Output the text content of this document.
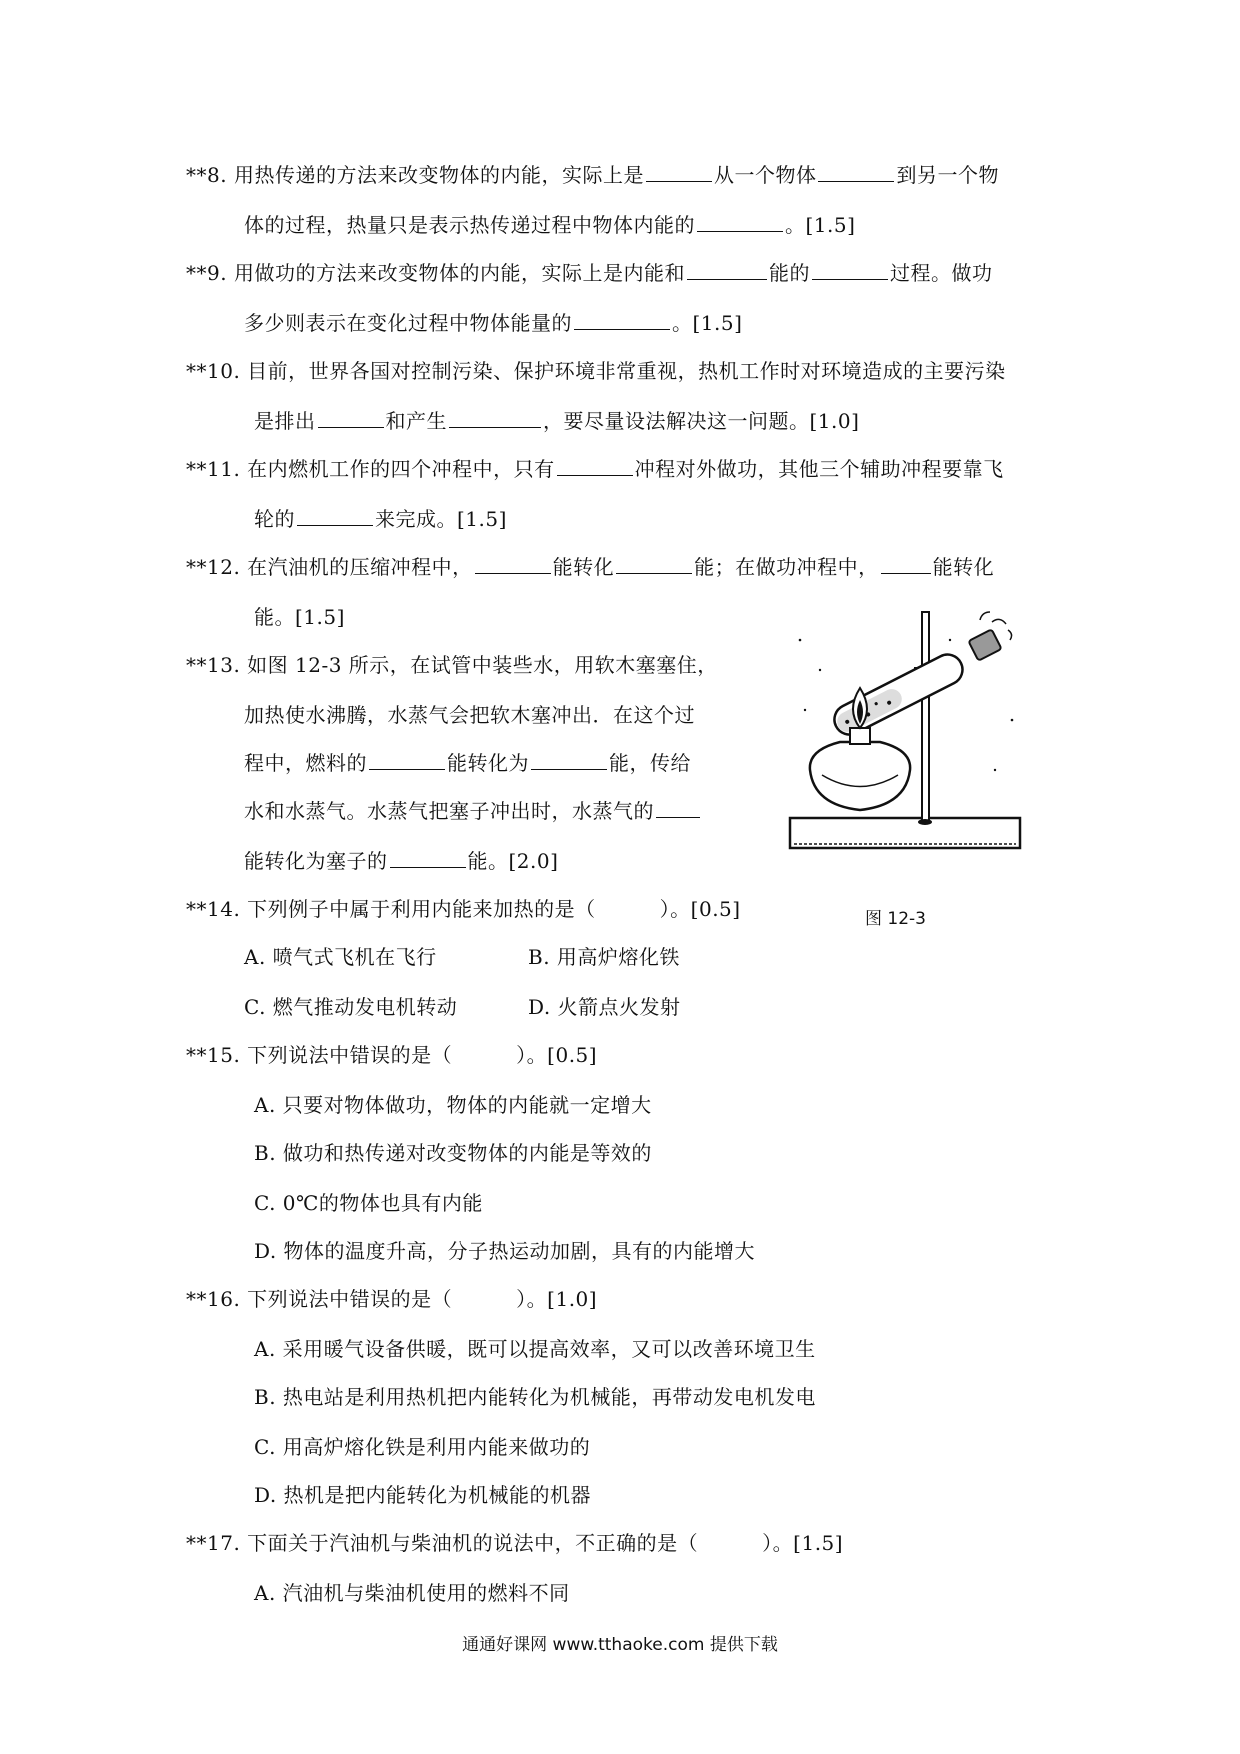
**8. 用热传递的方法来改变物体的内能，实际上是	从一个物体	到另一个物
体的过程，热量只是表示热传递过程中物体内能的	。[1.5]
**9. 用做功的方法来改变物体的内能，实际上是内能和	能的	过程。做功
多少则表示在变化过程中物体能量的	。[1.5]
**10. 目前，世界各国对控制污染、保护环境非常重视，热机工作时对环境造成的主要污染
是排出	和产生	，要尽量设法解决这一问题。[1.0]
**11. 在内燃机工作的四个冲程中，只有	冲程对外做功，其他三个辅助冲程要靠飞
轮的	来完成。[1.5]
**12. 在汽油机的压缩冲程中，	能转化	能；在做功冲程中，	能转化
能。[1.5]
**13. 如图 12-3 所示，在试管中装些水，用软木塞塞住，
加热使水沸腾，水蒸气会把软木塞冲出．在这个过
程中，燃料的	能转化为	能，传给
水和水蒸气。水蒸气把塞子冲出时，水蒸气的
能转化为塞子的	能。[2.0]
图 12-3
**14. 下列例子中属于利用内能来加热的是（	）。[0.5]
A. 喷气式飞机在飞行	B. 用高炉熔化铁
C. 燃气推动发电机转动	D. 火箭点火发射
**15. 下列说法中错误的是（	）。[0.5]
A. 只要对物体做功，物体的内能就一定增大
B. 做功和热传递对改变物体的内能是等效的
C. 0℃的物体也具有内能
D. 物体的温度升高，分子热运动加剧，具有的内能增大
**16. 下列说法中错误的是（	）。[1.0]
A. 采用暖气设备供暖，既可以提高效率，又可以改善环境卫生
B. 热电站是利用热机把内能转化为机械能，再带动发电机发电
C. 用高炉熔化铁是利用内能来做功的
D. 热机是把内能转化为机械能的机器
**17. 下面关于汽油机与柴油机的说法中，不正确的是（	）。[1.5]
A. 汽油机与柴油机使用的燃料不同
通通好课网 www.tthaoke.com 提供下载
